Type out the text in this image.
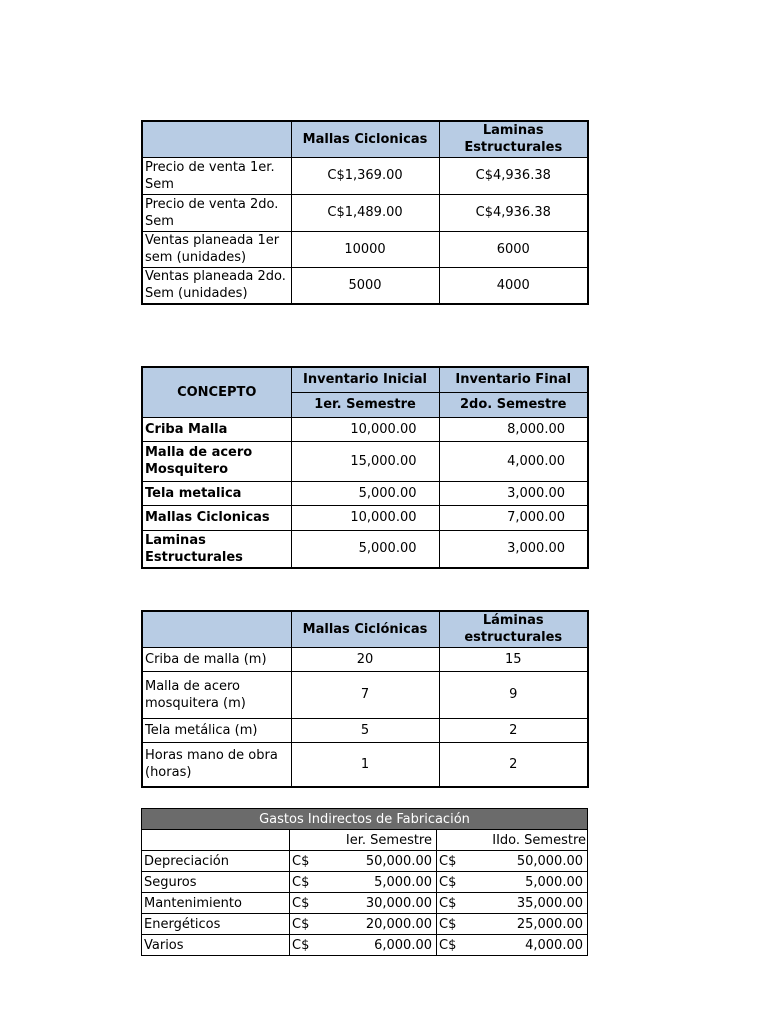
	Mallas Ciclonicas	Laminas Estructurales
Precio de venta 1er. Sem	C$1,369.00	C$4,936.38
Precio de venta 2do. Sem	C$1,489.00	C$4,936.38
Ventas planeada 1er sem (unidades)	10000	6000
Ventas planeada 2do. Sem (unidades)	5000	4000
CONCEPTO	Inventario Inicial	Inventario Final
	1er. Semestre	2do. Semestre
Criba Malla	10,000.00	8,000.00
Malla de acero Mosquitero	15,000.00	4,000.00
Tela metalica	5,000.00	3,000.00
Mallas Ciclonicas	10,000.00	7,000.00
Laminas Estructurales	5,000.00	3,000.00
	Mallas Ciclónicas	Láminas estructurales
Criba de malla (m)	20	15
Malla de acero mosquitera (m)	7	9
Tela metálica (m)	5	2
Horas mano de obra (horas)	1	2
Gastos Indirectos de Fabricación				
	Ier. Semestre		IIdo. Semestre	
Depreciación	C$	50,000.00	C$	50,000.00
Seguros	C$	5,000.00	C$	5,000.00
Mantenimiento	C$	30,000.00	C$	35,000.00
Energéticos	C$	20,000.00	C$	25,000.00
Varios	C$	6,000.00	C$	4,000.00
